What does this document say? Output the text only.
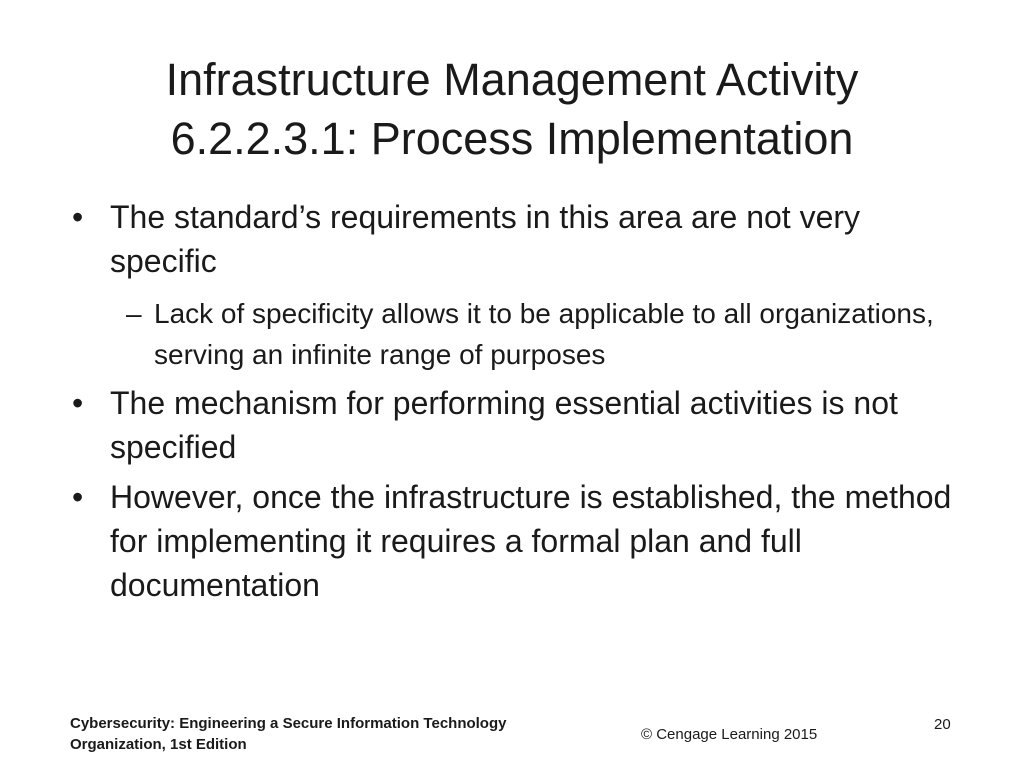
Infrastructure Management Activity
6.2.2.3.1: Process Implementation

• The standard’s requirements in this area are not very specific

– Lack of specificity allows it to be applicable to all organizations, serving an infinite range of purposes

• The mechanism for performing essential activities is not specified

• However, once the infrastructure is established, the method for implementing it requires a formal plan and full documentation

Cybersecurity: Engineering a Secure Information Technology
Organization, 1st Edition
© Cengage Learning 2015
20
